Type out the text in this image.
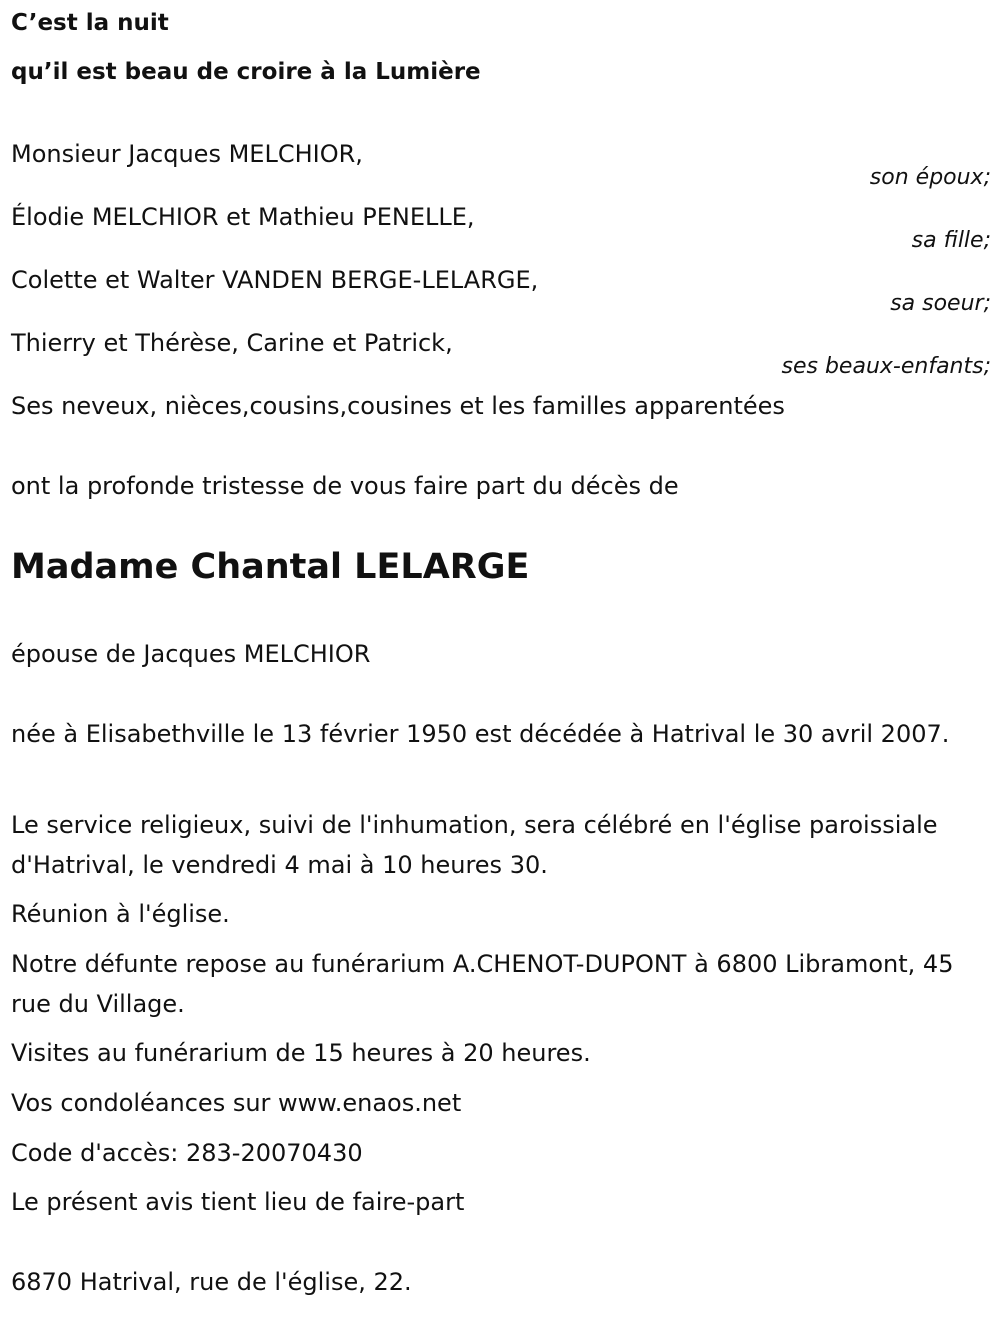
C’est la nuit

qu’il est beau de croire à la Lumière

Monsieur Jacques MELCHIOR,

son époux;

Élodie MELCHIOR et Mathieu PENELLE,

sa fille;

Colette et Walter VANDEN BERGE-LELARGE,

sa soeur;

Thierry et Thérèse, Carine et Patrick,

ses beaux-enfants;

Ses neveux, nièces,cousins,cousines et les familles apparentées

ont la profonde tristesse de vous faire part du décès de

Madame Chantal LELARGE

épouse de Jacques MELCHIOR

née à Elisabethville le 13 février 1950 est décédée à Hatrival le 30 avril 2007.

Le service religieux, suivi de l'inhumation, sera célébré en l'église paroissiale d'Hatrival, le vendredi 4 mai à 10 heures 30.

Réunion à l'église.

Notre défunte repose au funérarium A.CHENOT-DUPONT à 6800 Libramont, 45 rue du Village.

Visites au funérarium de 15 heures à 20 heures.

Vos condoléances sur www.enaos.net

Code d'accès: 283-20070430

Le présent avis tient lieu de faire-part

6870 Hatrival, rue de l'église, 22.
